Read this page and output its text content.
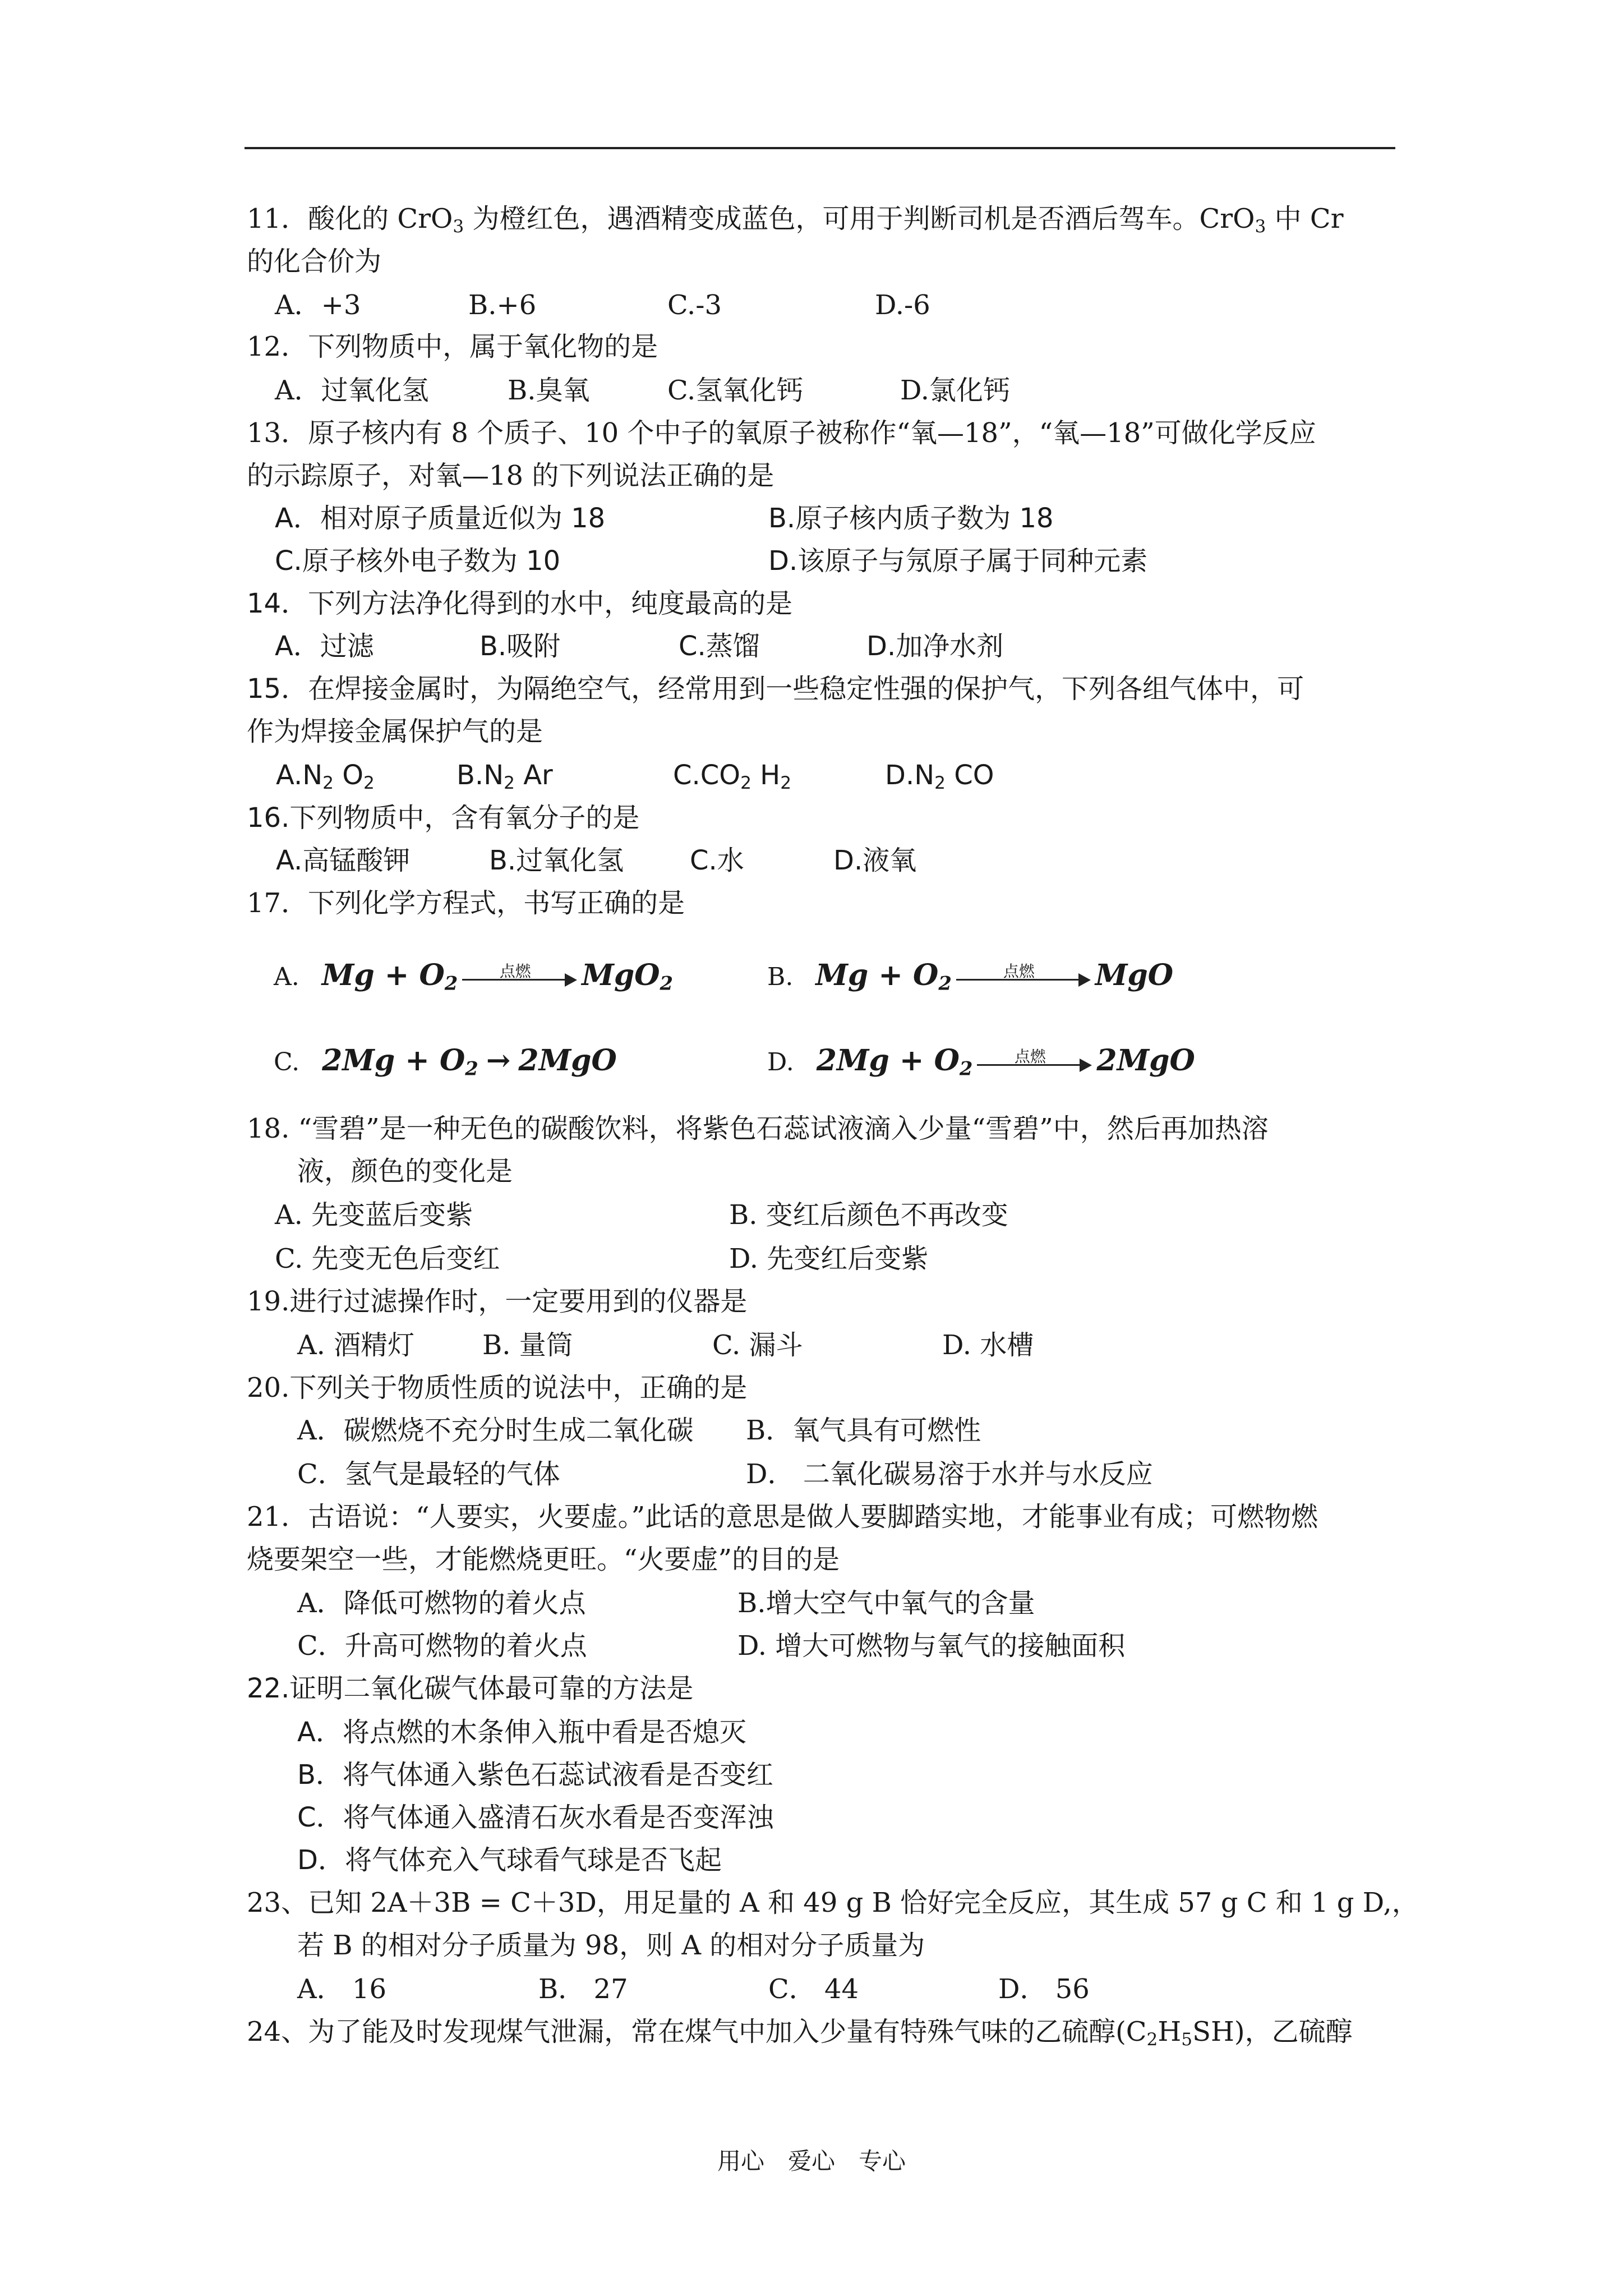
11．酸化的 CrO$_3$ 为橙红色，遇酒精变成蓝色，可用于判断司机是否酒后驾车。CrO$_3$ 中 Cr
的化合价为
A．+3	B.+6	C.-3	D.-6
12．下列物质中，属于氧化物的是
A．过氧化氢	B.臭氧	C.氢氧化钙	D.氯化钙
13．原子核内有 8 个质子、10 个中子的氧原子被称作“氧—18”，“氧—18”可做化学反应
的示踪原子，对氧—18 的下列说法正确的是
A．相对原子质量近似为 18	B.原子核内质子数为 18
C.原子核外电子数为 10	D.该原子与氖原子属于同种元素
14．下列方法净化得到的水中，纯度最高的是
A．过滤	B.吸附	C.蒸馏	D.加净水剂
15．在焊接金属时，为隔绝空气，经常用到一些稳定性强的保护气，下列各组气体中，可
作为焊接金属保护气的是
$A.N_2$ $O_2$	$B.N_2$ Ar	$C.CO_2$ $H_2$	$D.N_2$ CO
16.下列物质中，含有氧分子的是
A.高锰酸钾	B.过氧化氢 C.水	D.液氧
17．下列化学方程式，书写正确的是
A. $Mg + O_2$
点燃	MgO$_2$	B. $Mg + O_2$
点燃	MgO
C. $2Mg + O_2 \to 2MgO$	D. $2Mg + O_2$
点燃	2MgO
18. “雪碧”是一种无色的碳酸饮料，将紫色石蕊试液滴入少量“雪碧”中，然后再加热溶
液，颜色的变化是
A. 先变蓝后变紫	B. 变红后颜色不再改变
C. 先变无色后变红	D. 先变红后变紫
19.进行过滤操作时，一定要用到的仪器是
A. 酒精灯	B. 量筒	C. 漏斗	D. 水槽
20.下列关于物质性质的说法中，正确的是
A．碳燃烧不充分时生成二氧化碳 B．氧气具有可燃性
C．氢气是最轻的气体	D． 二氧化碳易溶于水并与水反应
21．古语说：“人要实，火要虚。”此话的意思是做人要脚踏实地，才能事业有成；可燃物燃
烧要架空一些，才能燃烧更旺。“火要虚”的目的是
A．降低可燃物的着火点	B.增大空气中氧气的含量
C．升高可燃物的着火点	D. 增大可燃物与氧气的接触面积
22.证明二氧化碳气体最可靠的方法是
A．将点燃的木条伸入瓶中看是否熄灭
B．将气体通入紫色石蕊试液看是否变红
C．将气体通入盛清石灰水看是否变浑浊
D．将气体充入气球看气球是否飞起
23、已知 2A＋3B = C＋3D，用足量的 A 和 49 g B 恰好完全反应，其生成 57 g C 和 1 g D,，
若 B 的相对分子质量为 98，则 A 的相对分子质量为
A． 16	B． 27	C． 44	D． 56
24、为了能及时发现煤气泄漏，常在煤气中加入少量有特殊气味的乙硫醇$(C_2H_5SH)$，乙硫醇
用心　爱心　专心
